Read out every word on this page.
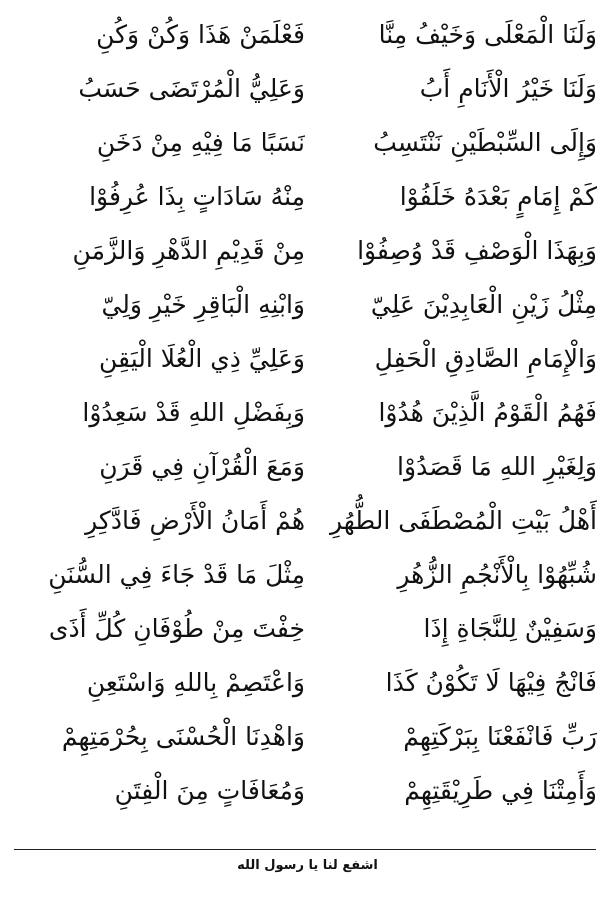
وَلَنَا الْمَعْلَى وَخَيْفُ مِنَّا
فَعْلَمَنْ هَذَا وَكُنْ وَكُنِ
وَلَنَا خَيْرُ الْأَنَامِ أَبُ
وَعَلِيُّ الْمُرْتَضَى حَسَبُ
وَإِلَى السِّبْطَيْنِ نَنْتَسِبُ
نَسَبًا مَا فِيْهِ مِنْ دَخَنِ
كَمْ إِمَامٍ بَعْدَهُ خَلَفُوْا
مِنْهُ سَادَاتٍ بِذَا عُرِفُوْا
وَبِهَذَا الْوَصْفِ قَدْ وُصِفُوْا
مِنْ قَدِيْمِ الدَّهْرِ وَالزَّمَنِ
مِثْلُ زَيْنِ الْعَابِدِيْنَ عَلِيّ
وَابْنِهِ الْبَاقِرِ خَيْرِ وَلِيّ
وَالْإِمَامِ الصَّادِقِ الْحَفِلِ
وَعَلِيِّ ذِي الْعُلَا الْيَقِنِ
فَهُمُ الْقَوْمُ الَّذِيْنَ هُدُوْا
وَبِفَضْلِ اللهِ قَدْ سَعِدُوْا
وَلِغَيْرِ اللهِ مَا قَصَدُوْا
وَمَعَ الْقُرْآنِ فِي قَرَنِ
أَهْلُ بَيْتِ الْمُصْطَفَى الطُّهُرِ
هُمْ أَمَانُ الْأَرْضِ فَادَّكِرِ
شُبِّهُوْا بِالْأَنْجُمِ الزُّهُرِ
مِثْلَ مَا قَدْ جَاءَ فِي السُّنَنِ
وَسَفِيْنٌ لِلنَّجَاةِ إِذَا
خِفْتَ مِنْ طُوْفَانِ كُلِّ أَذَى
فَانْجُ فِيْهَا لَا تَكُوْنُ كَذَا
وَاعْتَصِمْ بِاللهِ وَاسْتَعِنِ
رَبِّ فَانْفَعْنَا بِبَرْكَتِهِمْ
وَاهْدِنَا الْحُسْنَى بِحُرْمَتِهِمْ
وَأَمِتْنَا فِي طَرِيْقَتِهِمْ
وَمُعَافَاتٍ مِنَ الْفِتَنِ
اشفع لنا يا رسول الله
